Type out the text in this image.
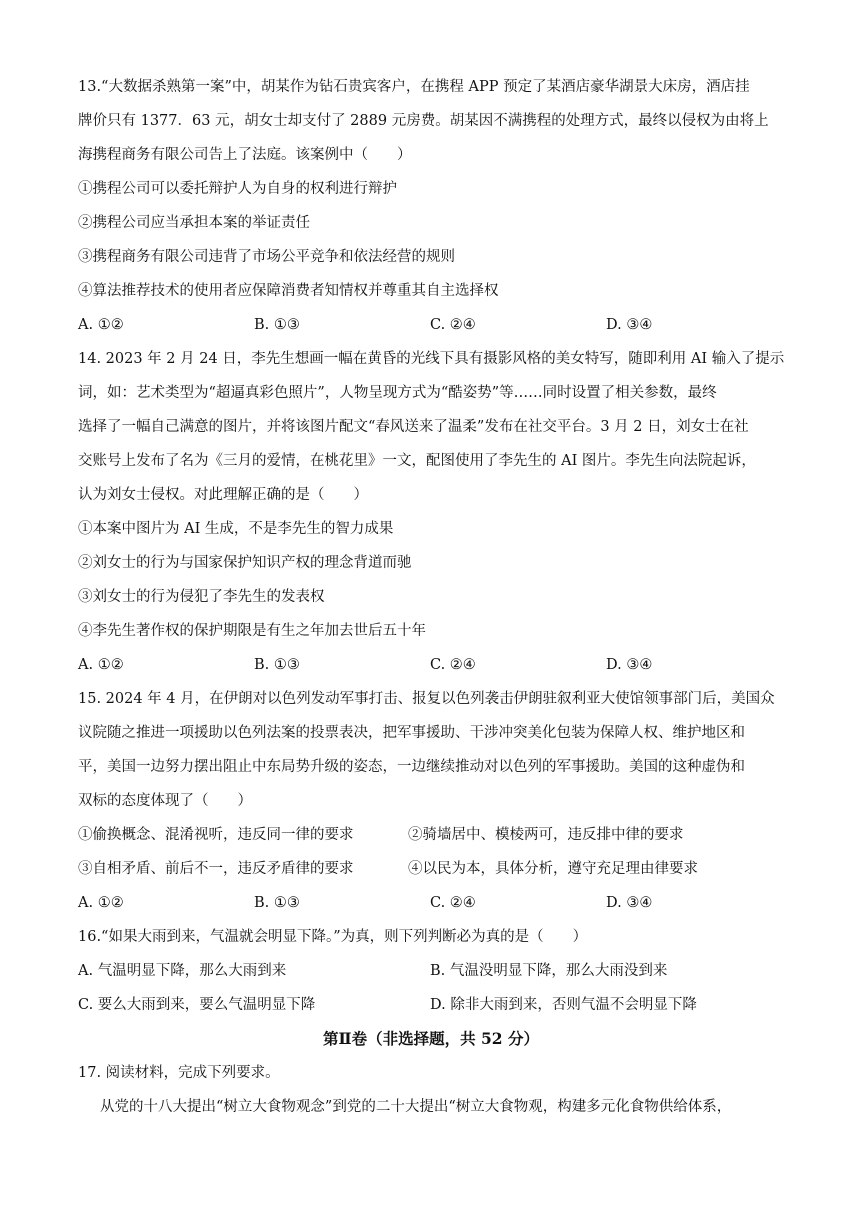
13.“大数据杀熟第一案”中，胡某作为钻石贵宾客户，在携程 APP 预定了某酒店豪华湖景大床房，酒店挂
牌价只有 1377．63 元，胡女士却支付了 2889 元房费。胡某因不满携程的处理方式，最终以侵权为由将上
海携程商务有限公司告上了法庭。该案例中（　　）
①携程公司可以委托辩护人为自身的权利进行辩护
②携程公司应当承担本案的举证责任
③携程商务有限公司违背了市场公平竞争和依法经营的规则
④算法推荐技术的使用者应保障消费者知情权并尊重其自主选择权
A. ①②	B. ①③	C. ②④	D. ③④
14. 2023 年 2 月 24 日，李先生想画一幅在黄昏的光线下具有摄影风格的美女特写，随即利用 AI 输入了提示
词，如：艺术类型为“超逼真彩色照片”，人物呈现方式为“酷姿势”等……同时设置了相关参数，最终
选择了一幅自己满意的图片，并将该图片配文“春风送来了温柔”发布在社交平台。3 月 2 日，刘女士在社
交账号上发布了名为《三月的爱情，在桃花里》一文，配图使用了李先生的 AI 图片。李先生向法院起诉，
认为刘女士侵权。对此理解正确的是（　　）
①本案中图片为 AI 生成，不是李先生的智力成果
②刘女士的行为与国家保护知识产权的理念背道而驰
③刘女士的行为侵犯了李先生的发表权
④李先生著作权的保护期限是有生之年加去世后五十年
A. ①②	B. ①③	C. ②④	D. ③④
15. 2024 年 4 月，在伊朗对以色列发动军事打击、报复以色列袭击伊朗驻叙利亚大使馆领事部门后，美国众
议院随之推进一项援助以色列法案的投票表决，把军事援助、干涉冲突美化包装为保障人权、维护地区和
平，美国一边努力摆出阻止中东局势升级的姿态，一边继续推动对以色列的军事援助。美国的这种虚伪和
双标的态度体现了（　　）
①偷换概念、混淆视听，违反同一律的要求	②骑墙居中、模棱两可，违反排中律的要求
③自相矛盾、前后不一，违反矛盾律的要求	④以民为本，具体分析，遵守充足理由律要求
A. ①②	B. ①③	C. ②④	D. ③④
16.“如果大雨到来，气温就会明显下降。”为真，则下列判断必为真的是（　　）
A. 气温明显下降，那么大雨到来	B. 气温没明显下降，那么大雨没到来
C. 要么大雨到来，要么气温明显下降	D. 除非大雨到来，否则气温不会明显下降
第Ⅱ卷（非选择题，共 52 分）
17. 阅读材料，完成下列要求。
从党的十八大提出“树立大食物观念”到党的二十大提出“树立大食物观，构建多元化食物供给体系，
